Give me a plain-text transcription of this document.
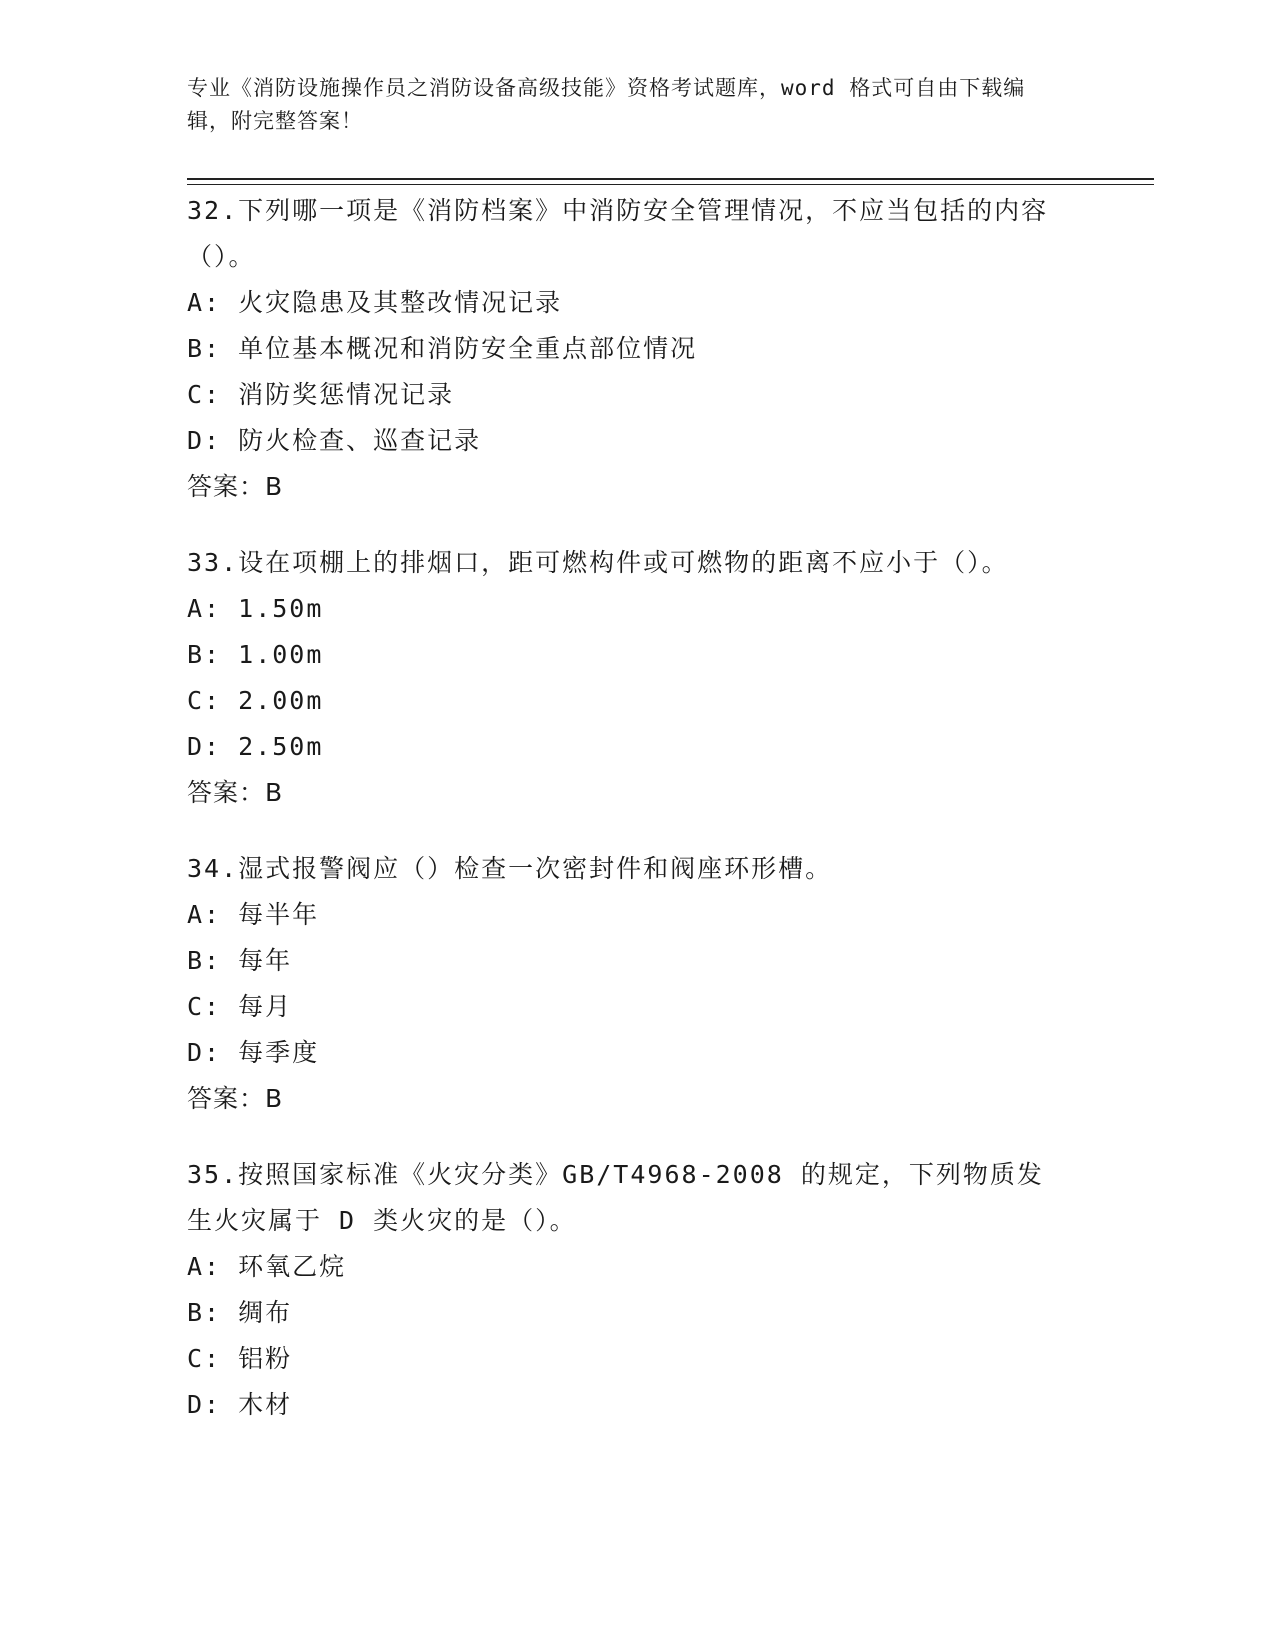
专业《消防设施操作员之消防设备高级技能》资格考试题库，word 格式可自由下载编辑，附完整答案！

32.下列哪一项是《消防档案》中消防安全管理情况，不应当包括的内容（）。

A: 火灾隐患及其整改情况记录

B: 单位基本概况和消防安全重点部位情况

C: 消防奖惩情况记录

D: 防火检查、巡查记录

答案：B

33.设在项棚上的排烟口，距可燃构件或可燃物的距离不应小于（）。

A: 1.50m

B: 1.00m

C: 2.00m

D: 2.50m

答案：B

34.湿式报警阀应（）检查一次密封件和阀座环形槽。

A: 每半年

B: 每年

C: 每月

D: 每季度

答案：B

35.按照国家标准《火灾分类》GB/T4968-2008 的规定，下列物质发生火灾属于 D 类火灾的是（）。

A: 环氧乙烷

B: 绸布

C: 铝粉

D: 木材
